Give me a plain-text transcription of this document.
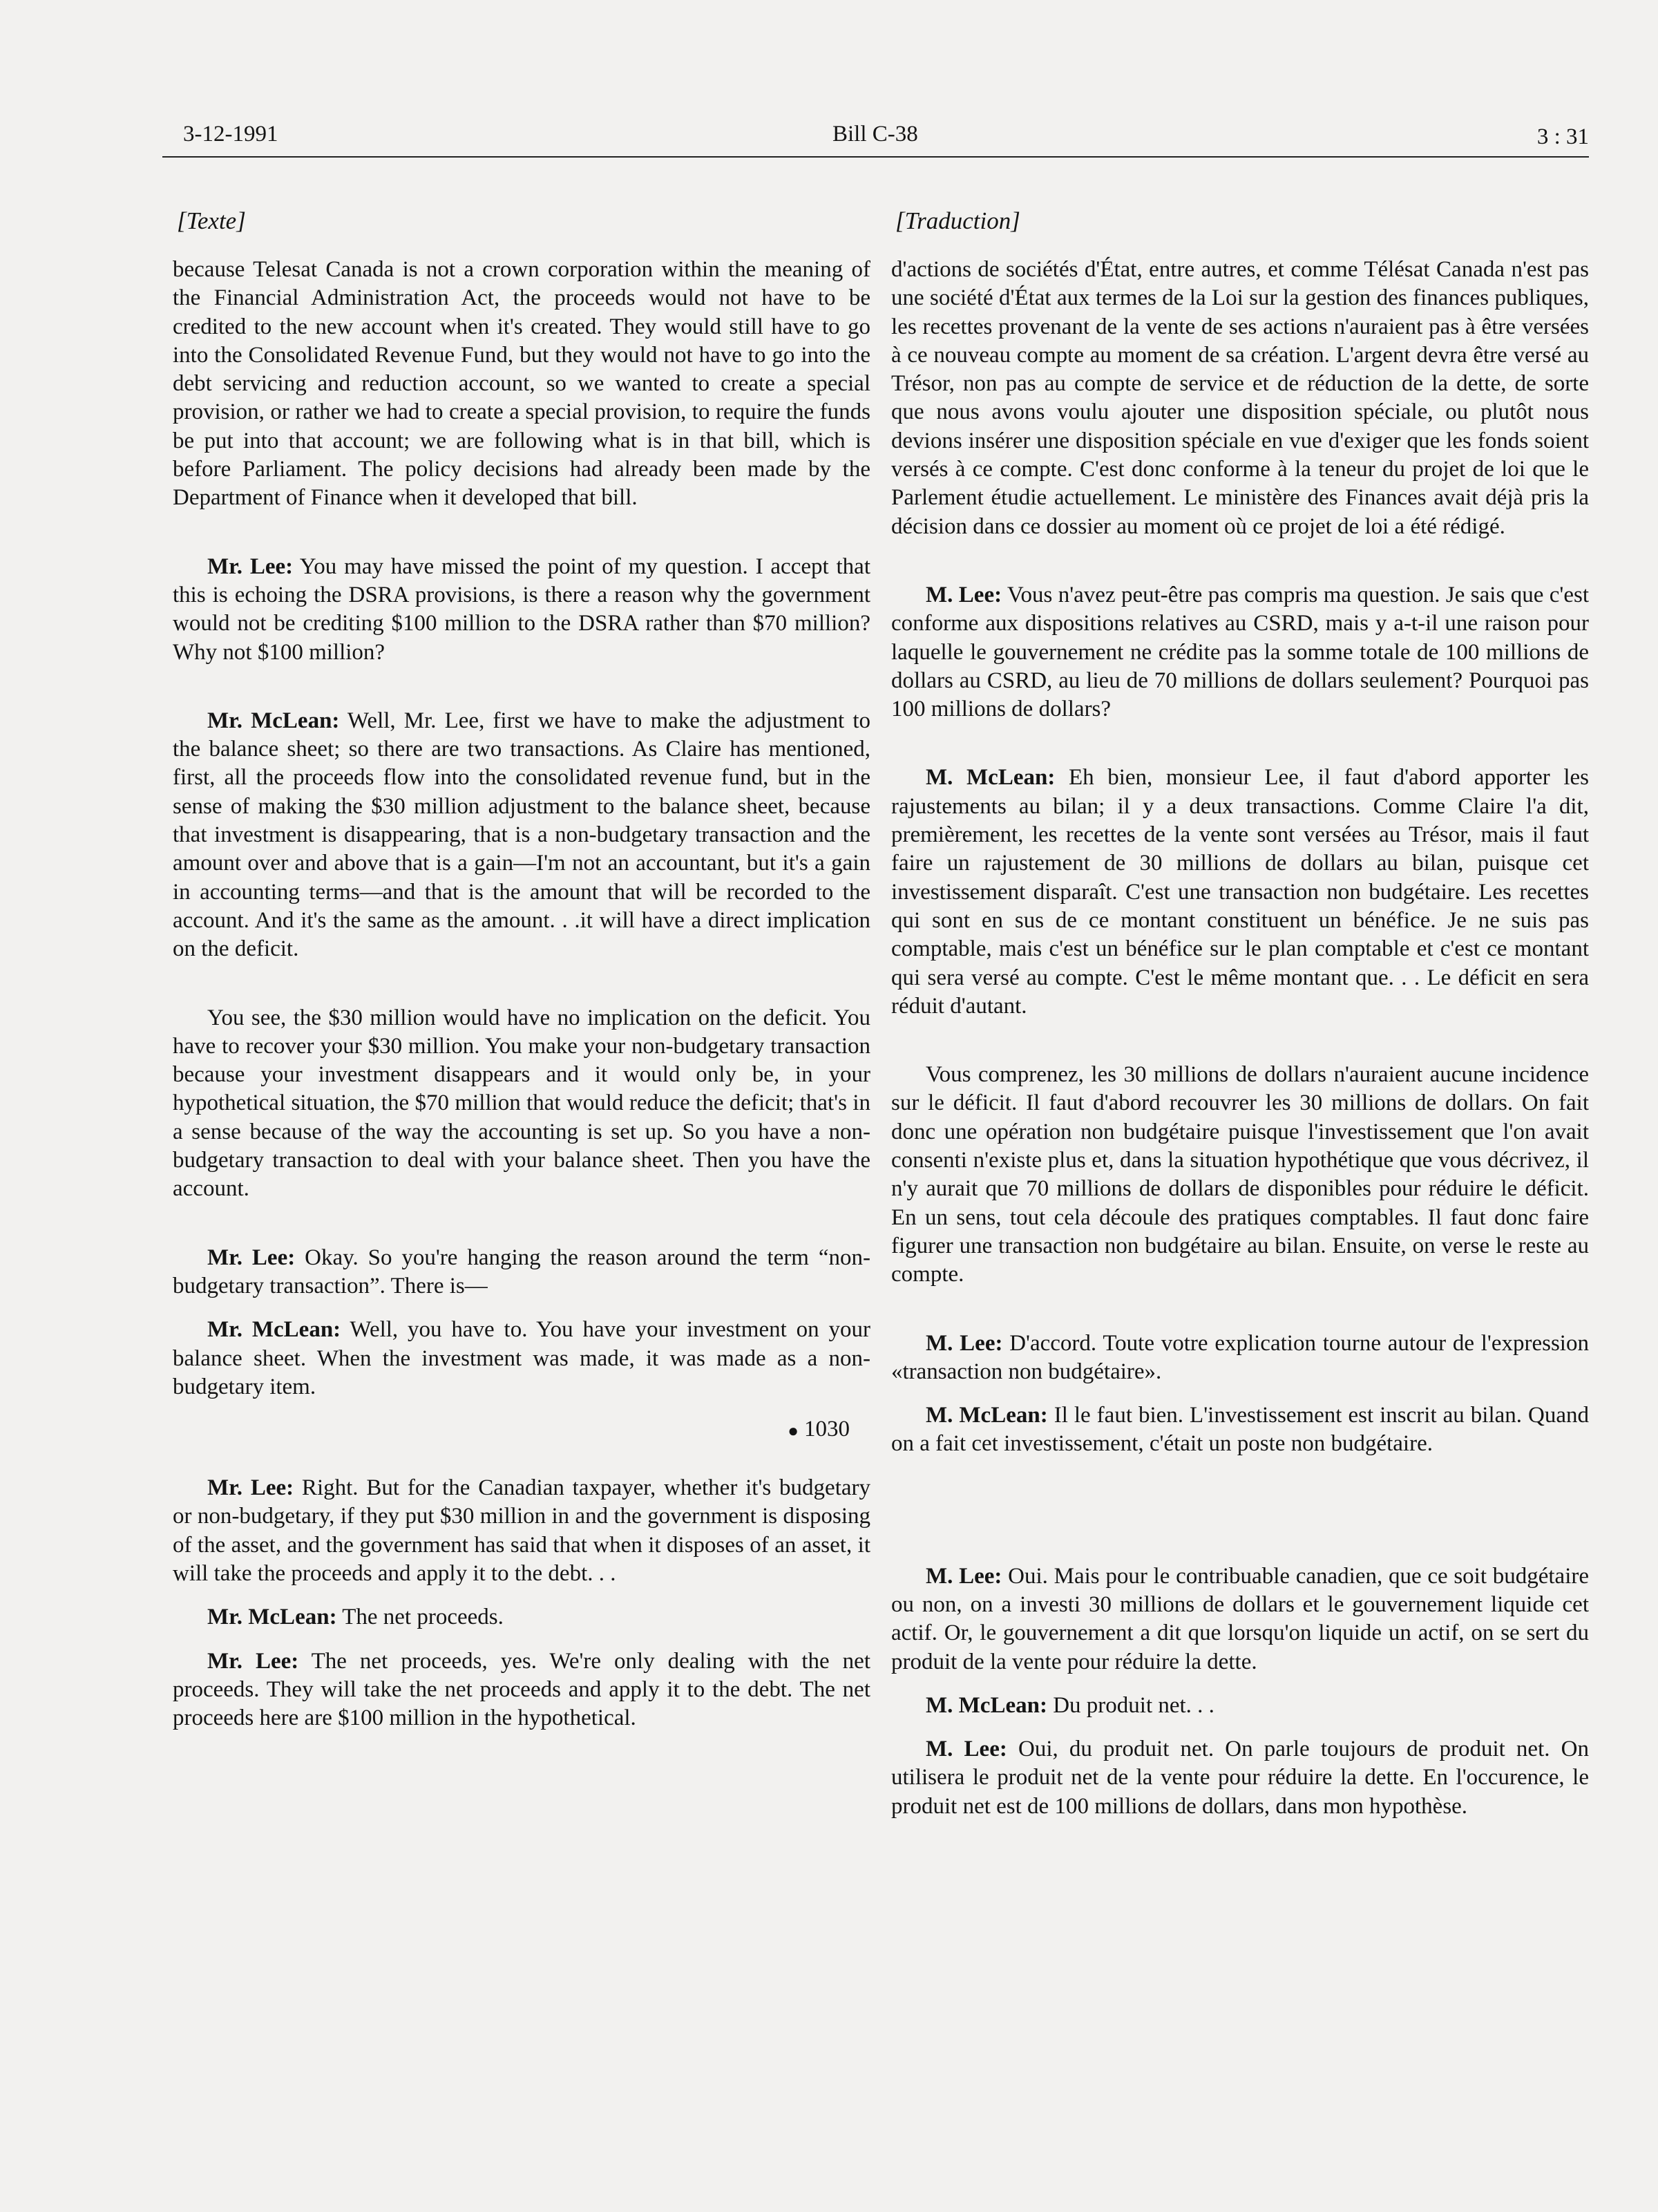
3-12-1991	Bill C-38	3 : 31
[Texte]

because Telesat Canada is not a crown corporation within the meaning of the Financial Administration Act, the proceeds would not have to be credited to the new account when it's created. They would still have to go into the Consolidated Revenue Fund, but they would not have to go into the debt servicing and reduction account, so we wanted to create a special provision, or rather we had to create a special provision, to require the funds be put into that account; we are following what is in that bill, which is before Parliament. The policy decisions had already been made by the Department of Finance when it developed that bill.

Mr. Lee: You may have missed the point of my question. I accept that this is echoing the DSRA provisions, is there a reason why the government would not be crediting $100 million to the DSRA rather than $70 million? Why not $100 million?

Mr. McLean: Well, Mr. Lee, first we have to make the adjustment to the balance sheet; so there are two transactions. As Claire has mentioned, first, all the proceeds flow into the consolidated revenue fund, but in the sense of making the $30 million adjustment to the balance sheet, because that investment is disappearing, that is a non-budgetary transaction and the amount over and above that is a gain—I'm not an accountant, but it's a gain in accounting terms—and that is the amount that will be recorded to the account. And it's the same as the amount. . .it will have a direct implication on the deficit.

You see, the $30 million would have no implication on the deficit. You have to recover your $30 million. You make your non-budgetary transaction because your investment disappears and it would only be, in your hypothetical situation, the $70 million that would reduce the deficit; that's in a sense because of the way the accounting is set up. So you have a non-budgetary transaction to deal with your balance sheet. Then you have the account.

Mr. Lee: Okay. So you're hanging the reason around the term “non-budgetary transaction”. There is—

Mr. McLean: Well, you have to. You have your investment on your balance sheet. When the investment was made, it was made as a non-budgetary item.

● 1030

Mr. Lee: Right. But for the Canadian taxpayer, whether it's budgetary or non-budgetary, if they put $30 million in and the government is disposing of the asset, and the government has said that when it disposes of an asset, it will take the proceeds and apply it to the debt. . .

Mr. McLean: The net proceeds.

Mr. Lee: The net proceeds, yes. We're only dealing with the net proceeds. They will take the net proceeds and apply it to the debt. The net proceeds here are $100 million in the hypothetical.

[Traduction]

d'actions de sociétés d'État, entre autres, et comme Télésat Canada n'est pas une société d'État aux termes de la Loi sur la gestion des finances publiques, les recettes provenant de la vente de ses actions n'auraient pas à être versées à ce nouveau compte au moment de sa création. L'argent devra être versé au Trésor, non pas au compte de service et de réduction de la dette, de sorte que nous avons voulu ajouter une disposition spéciale, ou plutôt nous devions insérer une disposition spéciale en vue d'exiger que les fonds soient versés à ce compte. C'est donc conforme à la teneur du projet de loi que le Parlement étudie actuellement. Le ministère des Finances avait déjà pris la décision dans ce dossier au moment où ce projet de loi a été rédigé.

M. Lee: Vous n'avez peut-être pas compris ma question. Je sais que c'est conforme aux dispositions relatives au CSRD, mais y a-t-il une raison pour laquelle le gouvernement ne crédite pas la somme totale de 100 millions de dollars au CSRD, au lieu de 70 millions de dollars seulement? Pourquoi pas 100 millions de dollars?

M. McLean: Eh bien, monsieur Lee, il faut d'abord apporter les rajustements au bilan; il y a deux transactions. Comme Claire l'a dit, premièrement, les recettes de la vente sont versées au Trésor, mais il faut faire un rajustement de 30 millions de dollars au bilan, puisque cet investissement disparaît. C'est une transaction non budgétaire. Les recettes qui sont en sus de ce montant constituent un bénéfice. Je ne suis pas comptable, mais c'est un bénéfice sur le plan comptable et c'est ce montant qui sera versé au compte. C'est le même montant que. . . Le déficit en sera réduit d'autant.

Vous comprenez, les 30 millions de dollars n'auraient aucune incidence sur le déficit. Il faut d'abord recouvrer les 30 millions de dollars. On fait donc une opération non budgétaire puisque l'investissement que l'on avait consenti n'existe plus et, dans la situation hypothétique que vous décrivez, il n'y aurait que 70 millions de dollars de disponibles pour réduire le déficit. En un sens, tout cela découle des pratiques comptables. Il faut donc faire figurer une transaction non budgétaire au bilan. Ensuite, on verse le reste au compte.

M. Lee: D'accord. Toute votre explication tourne autour de l'expression «transaction non budgétaire».

M. McLean: Il le faut bien. L'investissement est inscrit au bilan. Quand on a fait cet investissement, c'était un poste non budgétaire.

M. Lee: Oui. Mais pour le contribuable canadien, que ce soit budgétaire ou non, on a investi 30 millions de dollars et le gouvernement liquide cet actif. Or, le gouvernement a dit que lorsqu'on liquide un actif, on se sert du produit de la vente pour réduire la dette.

M. McLean: Du produit net. . .

M. Lee: Oui, du produit net. On parle toujours de produit net. On utilisera le produit net de la vente pour réduire la dette. En l'occurence, le produit net est de 100 millions de dollars, dans mon hypothèse.
